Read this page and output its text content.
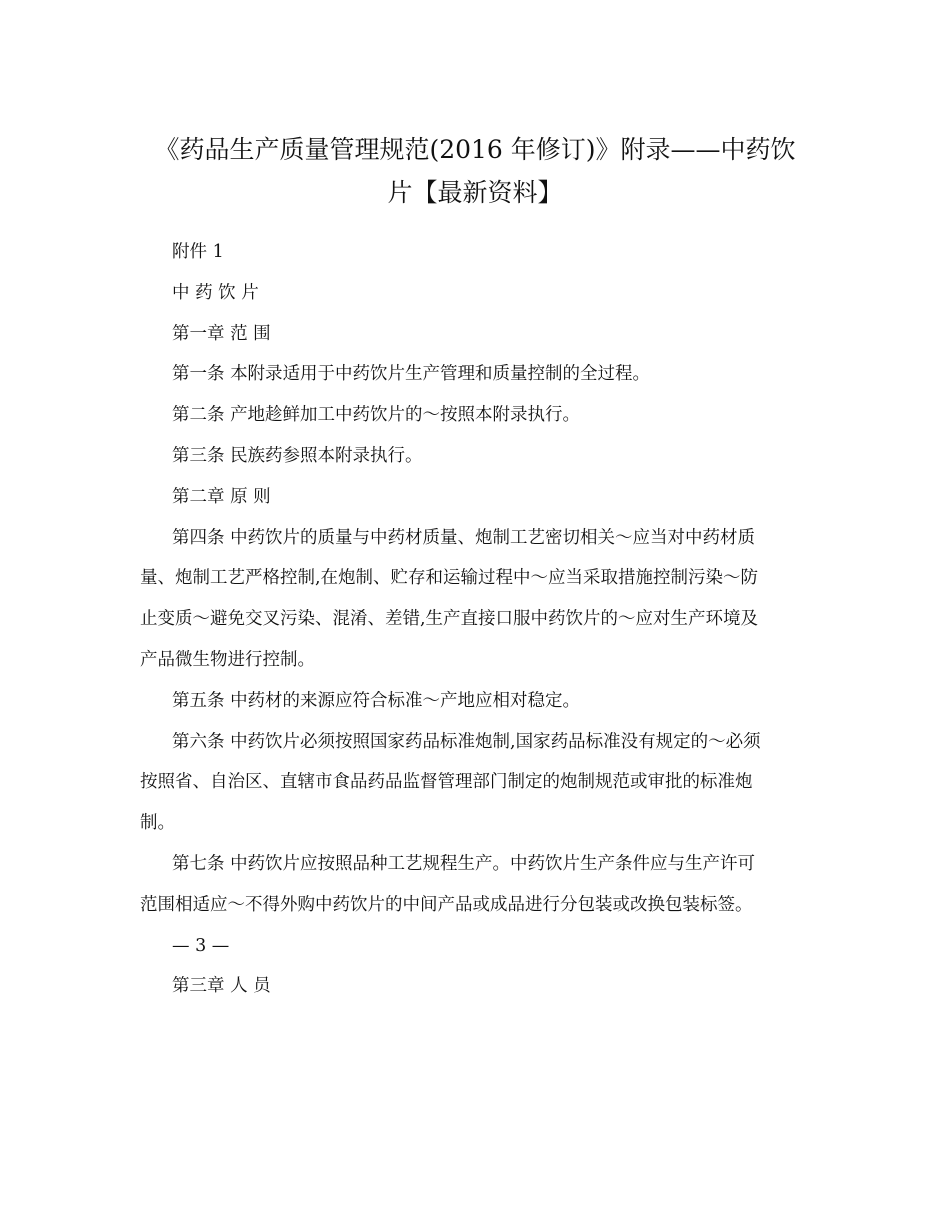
《药品生产质量管理规范(2016 年修订)》附录——中药饮
片【最新资料】
附件 1
中 药 饮 片
第一章 范 围
第一条 本附录适用于中药饮片生产管理和质量控制的全过程。
第二条 产地趁鲜加工中药饮片的～按照本附录执行。
第三条 民族药参照本附录执行。
第二章 原 则
第四条 中药饮片的质量与中药材质量、炮制工艺密切相关～应当对中药材质
量、炮制工艺严格控制,在炮制、贮存和运输过程中～应当采取措施控制污染～防
止变质～避免交叉污染、混淆、差错,生产直接口服中药饮片的～应对生产环境及
产品微生物进行控制。
第五条 中药材的来源应符合标准～产地应相对稳定。
第六条 中药饮片必须按照国家药品标准炮制,国家药品标准没有规定的～必须
按照省、自治区、直辖市食品药品监督管理部门制定的炮制规范或审批的标准炮
制。
第七条 中药饮片应按照品种工艺规程生产。中药饮片生产条件应与生产许可
范围相适应～不得外购中药饮片的中间产品或成品进行分包装或改换包装标签。
— 3 —
第三章 人 员
